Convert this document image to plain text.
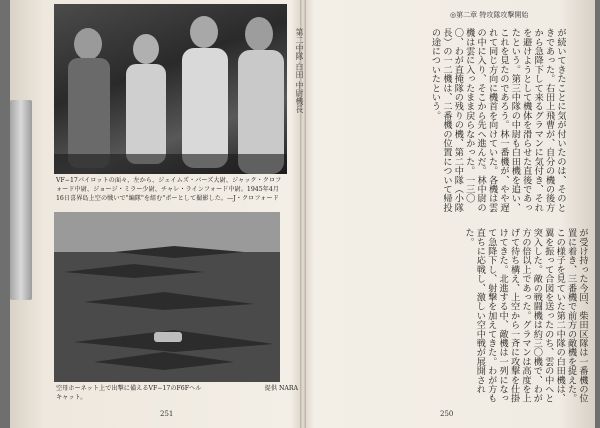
VF−17パイロットの面々、左から、ジェイムズ・バーズ大尉、ジャック・クロフォード中尉、ジョージ・ミラー少尉、チャレ・ラインフォード中尉。1945年4月16日喜界島上空の戦いで"編隊"を組む"ポーとして撮影した。—J・クロフォード
空母ホーネット上で出撃に備えるVF−17のF6Fヘルキャット。
提供 NARA
第二中隊 白田 中尉機長
◎第二章 特攻隊攻撃開始
が続いてきたことに気が付いたのは、そのときであった。右田上飛曹が、自分の機の後方から急降下して来るグラマンに気付き、それを避けようとして機体を滑らせた直後であったという。第三中隊の中尉も白田機を追い、これを見たのであろう。林一番機が、やや遅れて同じ方向に機首を向けていた。各機は雲の中に入り、そこから先へ進んだ。林中尉の機は雲に入ったまま戻らなかった。一三〇〇、わが直掩隊の残りの機、第二中隊（小隊長）の一二機は、二番機の位置について帰投の途についたという。
が受け持った今回、柴田区隊は一番機の位置に着き、三番機で前方の敵機を捉えた。この様子を見ていた第二中隊の白田機は、翼を振って合図を送ったのち、雲の中へと突入した。敵の戦闘機は約三〇機で、わが方の倍以上であった。グラマンは高度を上げて待ち構え、上空から一斉に攻撃を仕掛けてきた。北進する中、敵機は一列になって急降下し、射撃を加えてきた。わが方も直ちに応戦し、激しい空中戦が展開された。
251	250
